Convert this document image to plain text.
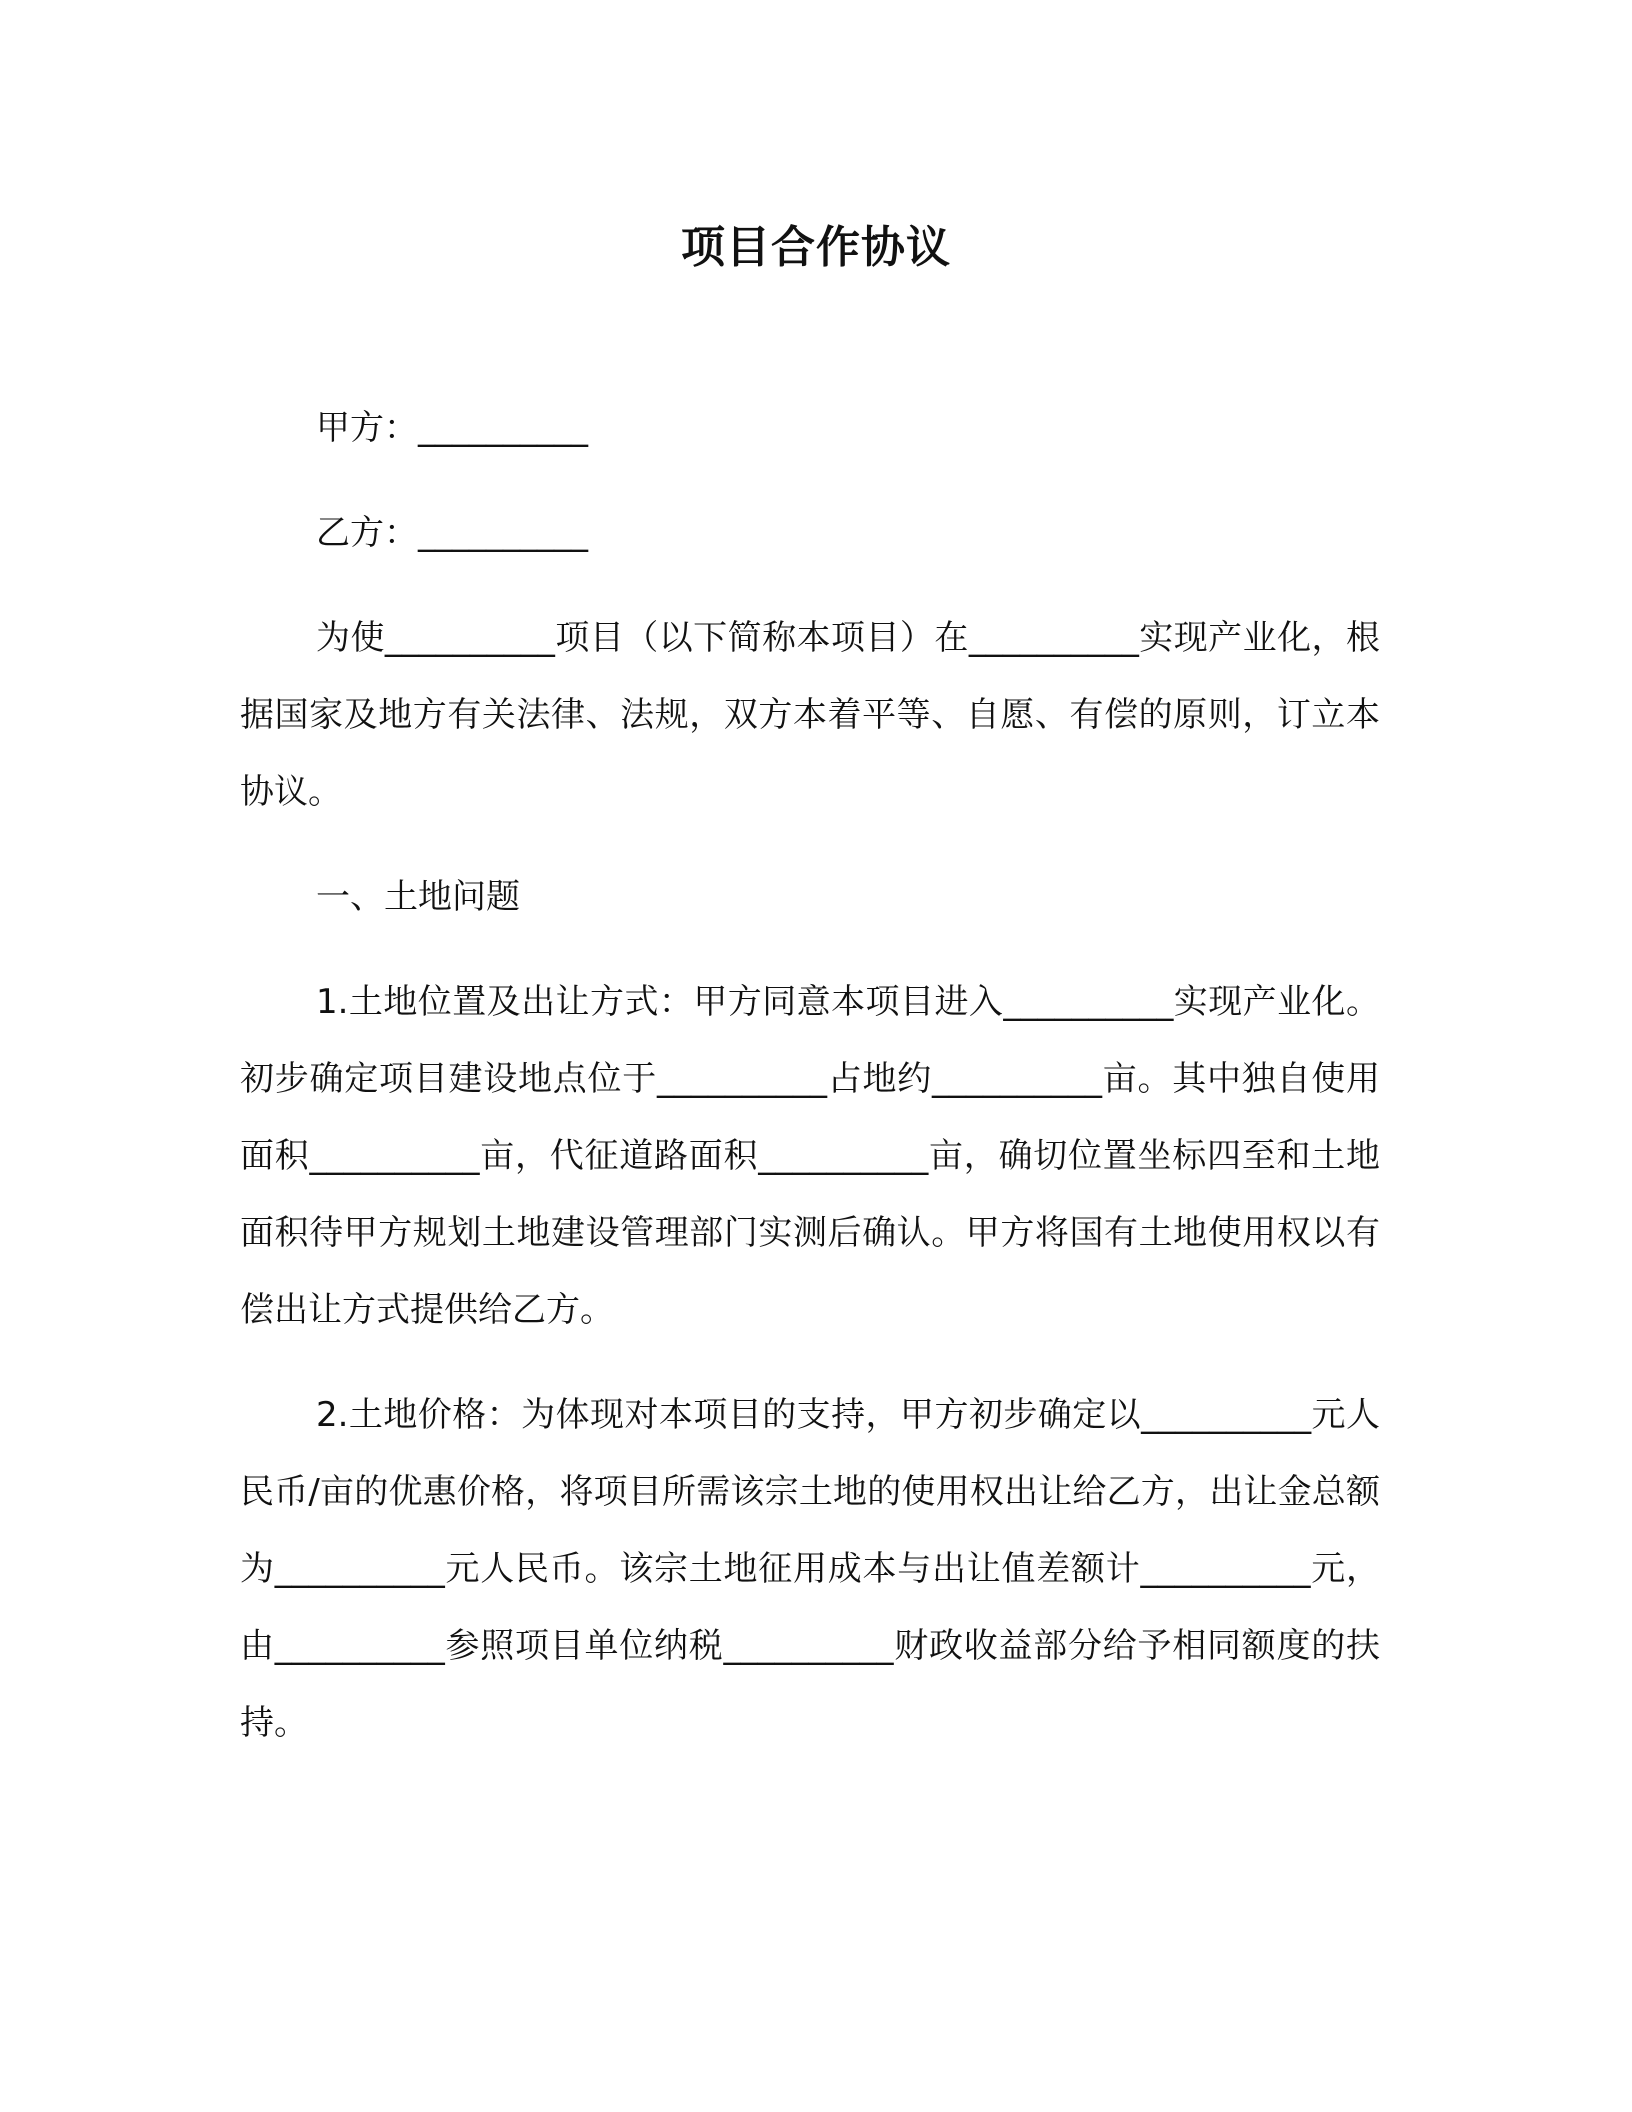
项目合作协议

甲方：__________

乙方：__________

为使__________项目（以下简称本项目）在__________实现产业化，根据国家及地方有关法律、法规，双方本着平等、自愿、有偿的原则，订立本协议。

一、土地问题

1.土地位置及出让方式：甲方同意本项目进入__________实现产业化。初步确定项目建设地点位于__________占地约__________亩。其中独自使用面积__________亩，代征道路面积__________亩，确切位置坐标四至和土地面积待甲方规划土地建设管理部门实测后确认。甲方将国有土地使用权以有偿出让方式提供给乙方。

2.土地价格：为体现对本项目的支持，甲方初步确定以__________元人民币/亩的优惠价格，将项目所需该宗土地的使用权出让给乙方，出让金总额为__________元人民币。该宗土地征用成本与出让值差额计__________元，由__________参照项目单位纳税__________财政收益部分给予相同额度的扶持。
